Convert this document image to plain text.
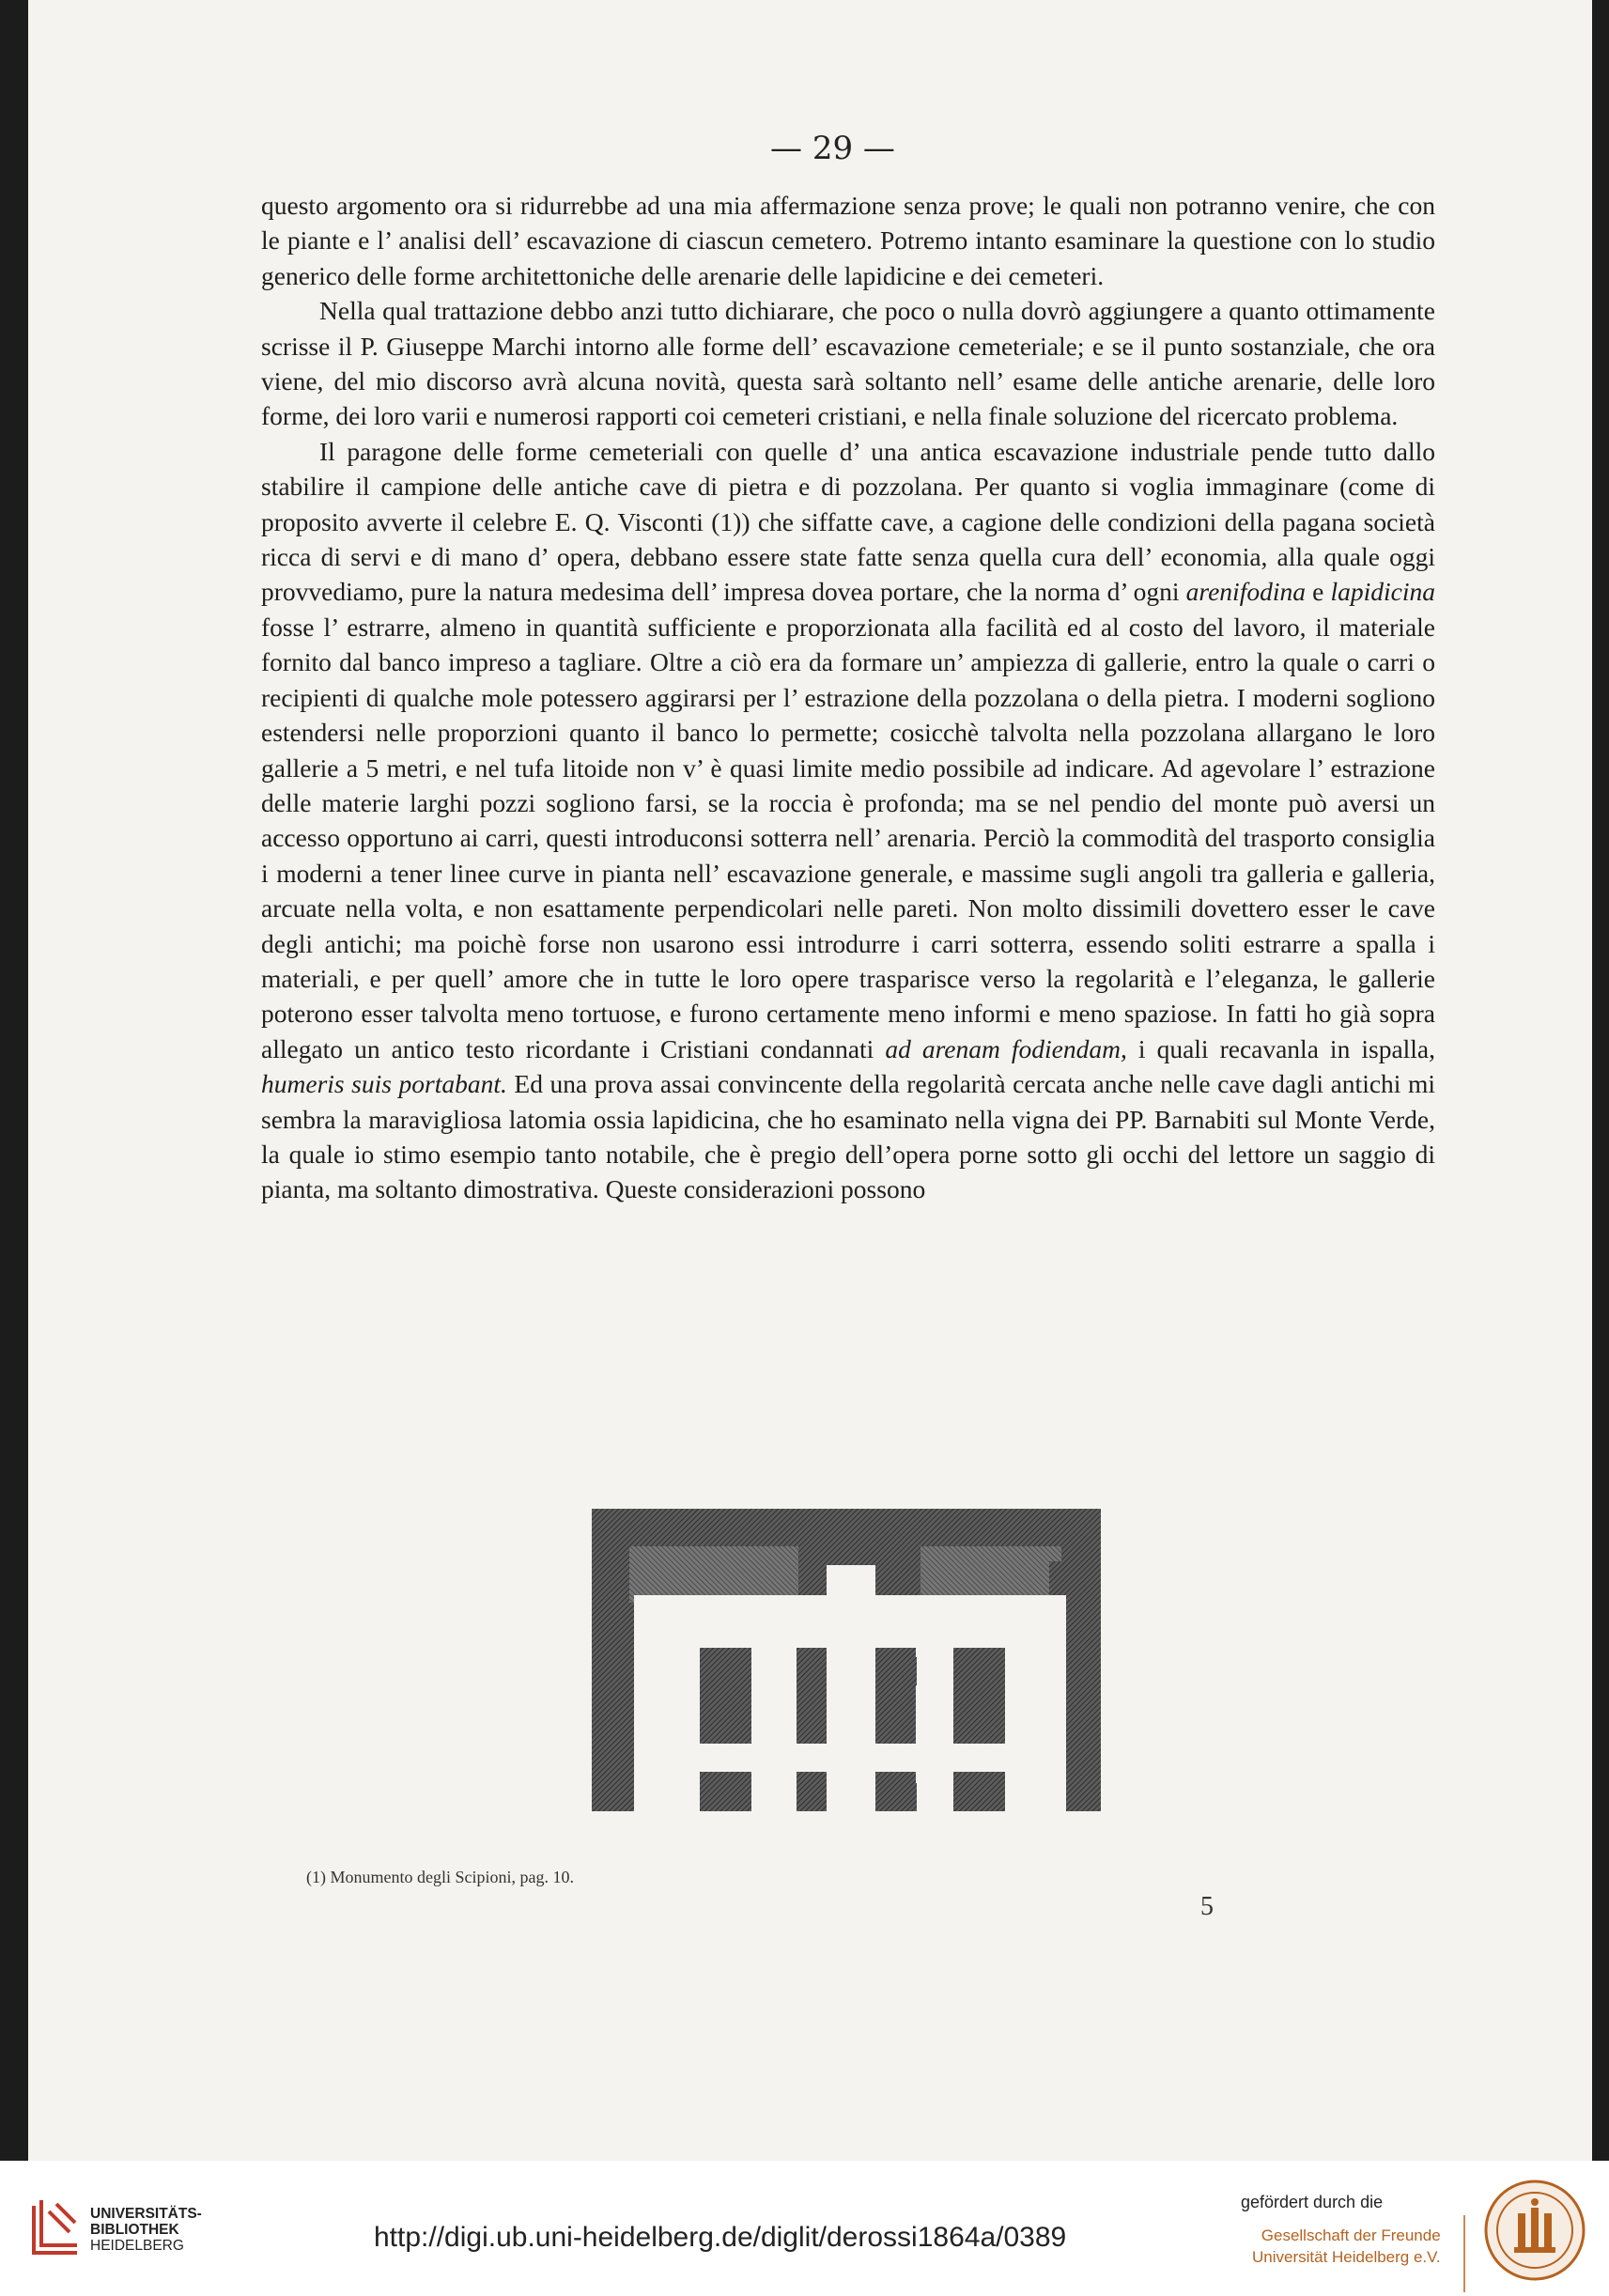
— 29 —

questo argomento ora si ridurrebbe ad una mia affermazione senza prove; le quali non potranno venire, che con le piante e l’ analisi dell’ escavazione di ciascun cemetero. Potremo intanto esaminare la questione con lo studio generico delle forme architettoniche delle arenarie delle lapidicine e dei cemeteri.

Nella qual trattazione debbo anzi tutto dichiarare, che poco o nulla dovrò aggiungere a quanto ottimamente scrisse il P. Giuseppe Marchi intorno alle forme dell’ escavazione cemeteriale; e se il punto sostanziale, che ora viene, del mio discorso avrà alcuna novità, questa sarà soltanto nell’ esame delle antiche arenarie, delle loro forme, dei loro varii e numerosi rapporti coi cemeteri cristiani, e nella finale soluzione del ricercato problema.

Il paragone delle forme cemeteriali con quelle d’ una antica escavazione industriale pende tutto dallo stabilire il campione delle antiche cave di pietra e di pozzolana. Per quanto si voglia immaginare (come di proposito avverte il celebre E. Q. Visconti (1)) che siffatte cave, a cagione delle condizioni della pagana società ricca di servi e di mano d’ opera, debbano essere state fatte senza quella cura dell’ economia, alla quale oggi provvediamo, pure la natura medesima dell’ impresa dovea portare, che la norma d’ ogni arenifodina e lapidicina fosse l’ estrarre, almeno in quantità sufficiente e proporzionata alla facilità ed al costo del lavoro, il materiale fornito dal banco impreso a tagliare. Oltre a ciò era da formare un’ ampiezza di gallerie, entro la quale o carri o recipienti di qualche mole potessero aggirarsi per l’ estrazione della pozzolana o della pietra. I moderni sogliono estendersi nelle proporzioni quanto il banco lo permette; cosicchè talvolta nella pozzolana allargano le loro gallerie a 5 metri, e nel tufa litoide non v’ è quasi limite medio possibile ad indicare. Ad agevolare l’ estrazione delle materie larghi pozzi sogliono farsi, se la roccia è profonda; ma se nel pendio del monte può aversi un accesso opportuno ai carri, questi introduconsi sotterra nell’ arenaria. Perciò la commodità del trasporto consiglia i moderni a tener linee curve in pianta nell’ escavazione generale, e massime sugli angoli tra galleria e galleria, arcuate nella volta, e non esattamente perpendicolari nelle pareti. Non molto dissimili dovettero esser le cave degli antichi; ma poichè forse non usarono essi introdurre i carri sotterra, essendo soliti estrarre a spalla i materiali, e per quell’ amore che in tutte le loro opere trasparisce verso la regolarità e l’eleganza, le gallerie poterono esser talvolta meno tortuose, e furono certamente meno informi e meno spaziose. In fatti ho già sopra allegato un antico testo ricordante i Cristiani condannati ad arenam fodiendam, i quali recavanla in ispalla, humeris suis portabant. Ed una prova assai convincente della regolarità cercata anche nelle cave dagli antichi mi sembra la maravigliosa latomia ossia lapidicina, che ho esaminato nella vigna dei PP. Barnabiti sul Monte Verde, la quale io stimo esempio tanto notabile, che è pregio dell’opera porne sotto gli occhi del lettore un saggio di pianta, ma soltanto dimostrativa. Queste considerazioni possono

(1) Monumento degli Scipioni, pag. 10.
5
UNIVERSITÄTS-
BIBLIOTHEK
HEIDELBERG	http://digi.ub.uni-heidelberg.de/diglit/derossi1864a/0389
gefördert durch die
Gesellschaft der Freunde
Universität Heidelberg e.V.
